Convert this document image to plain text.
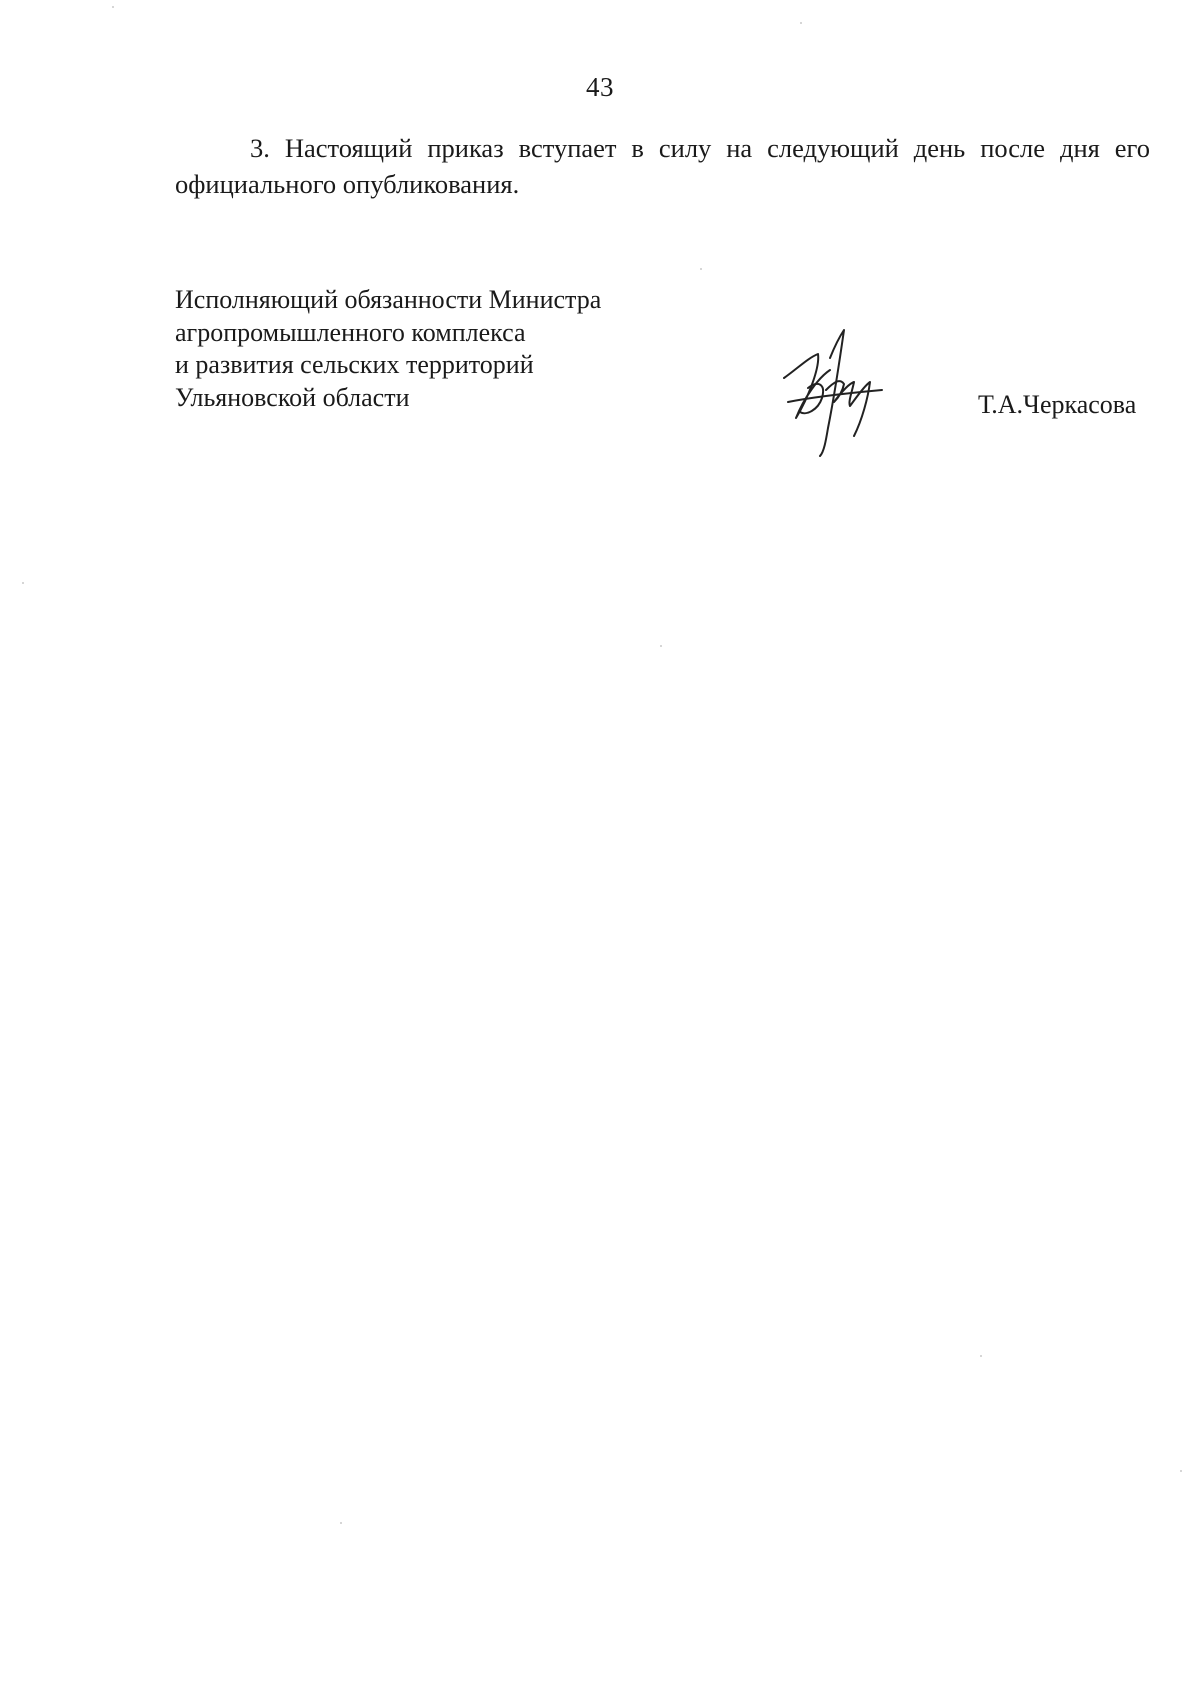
43

3. Настоящий приказ вступает в силу на следующий день после дня его официального опубликования.

Исполняющий обязанности Министра
агропромышленного комплекса
и развития сельских территорий
Ульяновской области	Т.А.Черкасова
